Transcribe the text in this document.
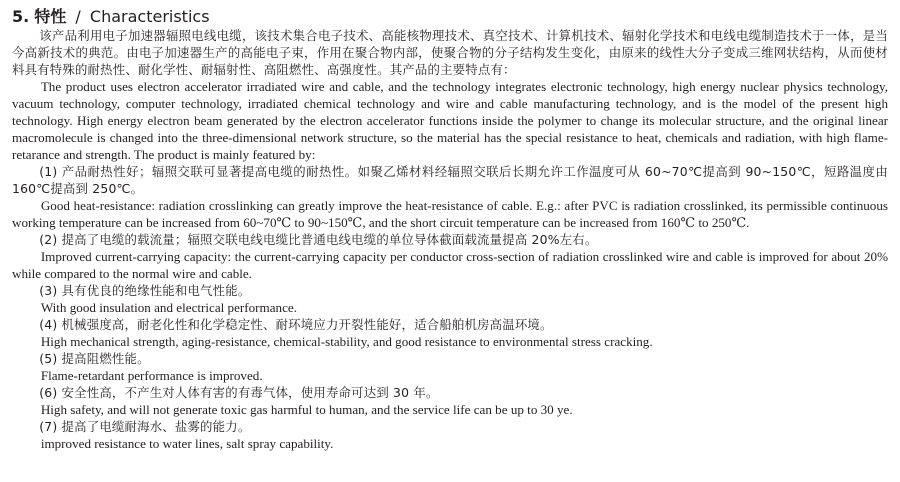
5. 特性 / Characteristics

该产品利用电子加速器辐照电线电缆，该技术集合电子技术、高能核物理技术、真空技术、计算机技术、辐射化学技术和电线电缆制造技术于一体，是当今高新技术的典范。由电子加速器生产的高能电子束，作用在聚合物内部，使聚合物的分子结构发生变化，由原来的线性大分子变成三维网状结构，从而使材料具有特殊的耐热性、耐化学性、耐辐射性、高阻燃性、高强度性。其产品的主要特点有：

The product uses electron accelerator irradiated wire and cable, and the technology integrates electronic technology, high energy nuclear physics technology, vacuum technology, computer technology, irradiated chemical technology and wire and cable manufacturing technology, and is the model of the present high technology. High energy electron beam generated by the electron accelerator functions inside the polymer to change its molecular structure, and the original linear macromolecule is changed into the three-dimensional network structure, so the material has the special resistance to heat, chemicals and radiation, with high flame-retarance and strength. The product is mainly featured by:

(1) 产品耐热性好；辐照交联可显著提高电缆的耐热性。如聚乙烯材料经辐照交联后长期允许工作温度可从 60~70℃提高到 90~150℃，短路温度由 160℃提高到 250℃。

Good heat-resistance: radiation crosslinking can greatly improve the heat-resistance of cable. E.g.: after PVC is radiation crosslinked, its permissible continuous working temperature can be increased from 60~70℃ to 90~150℃, and the short circuit temperature can be increased from 160℃ to 250℃.

(2) 提高了电缆的载流量；辐照交联电线电缆比普通电线电缆的单位导体截面载流量提高 20%左右。

Improved current-carrying capacity: the current-carrying capacity per conductor cross-section of radiation crosslinked wire and cable is improved for about 20% while compared to the normal wire and cable.

(3) 具有优良的绝缘性能和电气性能。

With good insulation and electrical performance.

(4) 机械强度高，耐老化性和化学稳定性、耐环境应力开裂性能好，适合船舶机房高温环境。

High mechanical strength, aging-resistance, chemical-stability, and good resistance to environmental stress cracking.

(5) 提高阻燃性能。

Flame-retardant performance is improved.

(6) 安全性高，不产生对人体有害的有毒气体，使用寿命可达到 30 年。

High safety, and will not generate toxic gas harmful to human, and the service life can be up to 30 ye.

(7) 提高了电缆耐海水、盐雾的能力。

improved resistance to water lines, salt spray capability.
